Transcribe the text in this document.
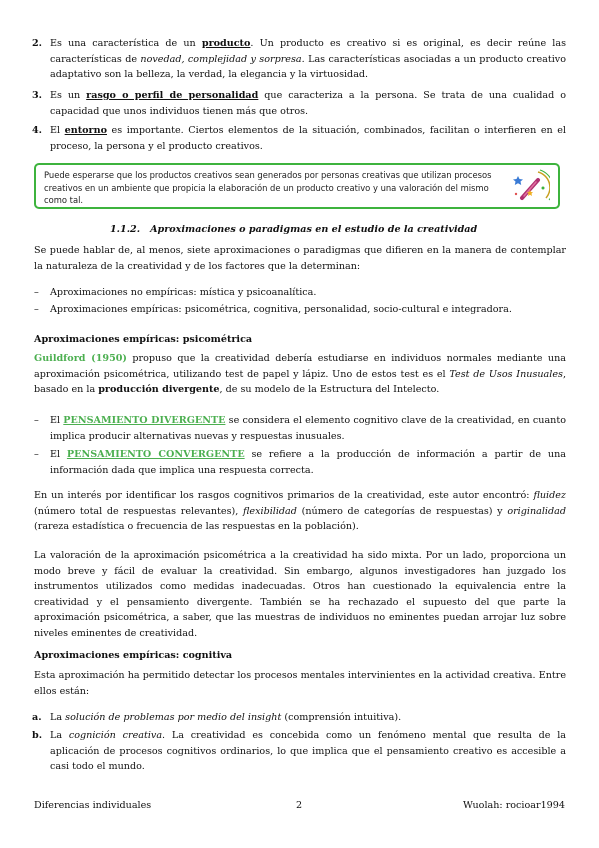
2. Es una característica de un producto. Un producto es creativo si es original, es decir reúne las características de novedad, complejidad y sorpresa. Las características asociadas a un producto creativo adaptativo son la belleza, la verdad, la elegancia y la virtuosidad.
3. Es un rasgo o perfil de personalidad que caracteriza a la persona. Se trata de una cualidad o capacidad que unos individuos tienen más que otros.
4. El entorno es importante. Ciertos elementos de la situación, combinados, facilitan o interfieren en el proceso, la persona y el producto creativos.

Puede esperarse que los productos creativos sean generados por personas creativas que utilizan procesos creativos en un ambiente que propicia la elaboración de un producto creativo y una valoración del mismo como tal.

1.1.2. Aproximaciones o paradigmas en el estudio de la creatividad

Se puede hablar de, al menos, siete aproximaciones o paradigmas que difieren en la manera de contemplar la naturaleza de la creatividad y de los factores que la determinan:

– Aproximaciones no empíricas: mística y psicoanalítica.
– Aproximaciones empíricas: psicométrica, cognitiva, personalidad, socio-cultural e integradora.

Aproximaciones empíricas: psicométrica

Guildford (1950) propuso que la creatividad debería estudiarse en individuos normales mediante una aproximación psicométrica, utilizando test de papel y lápiz. Uno de estos test es el Test de Usos Inusuales, basado en la producción divergente, de su modelo de la Estructura del Intelecto.

– El PENSAMIENTO DIVERGENTE se considera el elemento cognitivo clave de la creatividad, en cuanto implica producir alternativas nuevas y respuestas inusuales.
– El PENSAMIENTO CONVERGENTE se refiere a la producción de información a partir de una información dada que implica una respuesta correcta.

En un interés por identificar los rasgos cognitivos primarios de la creatividad, este autor encontró: fluidez (número total de respuestas relevantes), flexibilidad (número de categorías de respuestas) y originalidad (rareza estadística o frecuencia de las respuestas en la población).

La valoración de la aproximación psicométrica a la creatividad ha sido mixta. Por un lado, proporciona un modo breve y fácil de evaluar la creatividad. Sin embargo, algunos investigadores han juzgado los instrumentos utilizados como medidas inadecuadas. Otros han cuestionado la equivalencia entre la creatividad y el pensamiento divergente. También se ha rechazado el supuesto del que parte la aproximación psicométrica, a saber, que las muestras de individuos no eminentes puedan arrojar luz sobre niveles eminentes de creatividad.

Aproximaciones empíricas: cognitiva

Esta aproximación ha permitido detectar los procesos mentales intervinientes en la actividad creativa. Entre ellos están:

a. La solución de problemas por medio del insight (comprensión intuitiva).
b. La cognición creativa. La creatividad es concebida como un fenómeno mental que resulta de la aplicación de procesos cognitivos ordinarios, lo que implica que el pensamiento creativo es accesible a casi todo el mundo.

Diferencias individuales	2	Wuolah: rocioar1994
